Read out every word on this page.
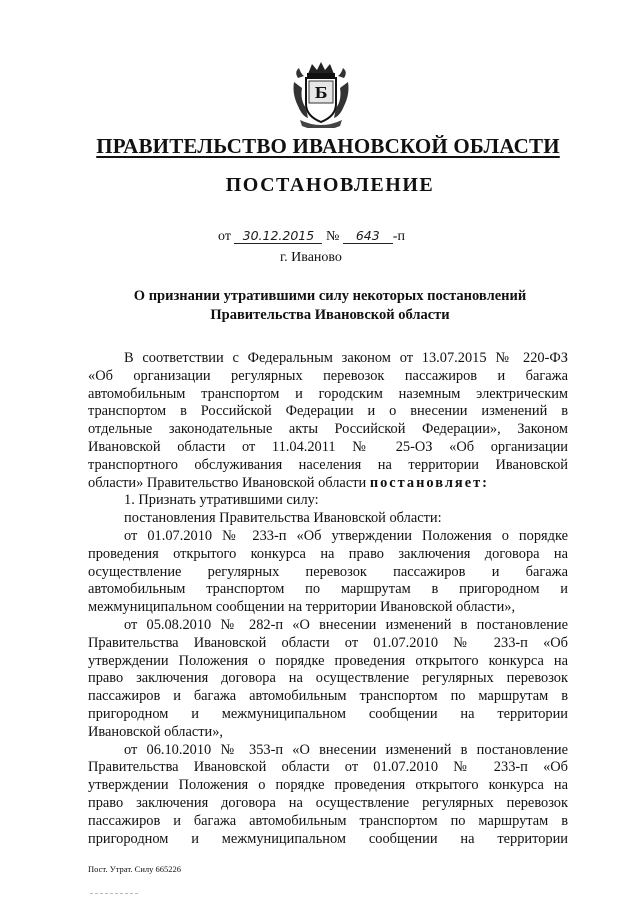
Б
ПРАВИТЕЛЬСТВО ИВАНОВСКОЙ ОБЛАСТИ
ПОСТАНОВЛЕНИЕ
от 30.12.2015 № 643 -п
г. Иваново
О признании утратившими силу некоторых постановлений
Правительства Ивановской области
В соответствии с Федеральным законом от 13.07.2015 № 220-ФЗ
«Об организации регулярных перевозок пассажиров и багажа
автомобильным транспортом и городским наземным электрическим
транспортом в Российской Федерации и о внесении изменений в
отдельные законодательные акты Российской Федерации», Законом
Ивановской области от 11.04.2011 № 25-ОЗ «Об организации
транспортного обслуживания населения на территории Ивановской
области» Правительство Ивановской области постановляет:
1. Признать утратившими силу:
постановления Правительства Ивановской области:
от 01.07.2010 № 233-п «Об утверждении Положения о порядке
проведения открытого конкурса на право заключения договора на
осуществление регулярных перевозок пассажиров и багажа
автомобильным транспортом по маршрутам в пригородном и
межмуниципальном сообщении на территории Ивановской области»,
от 05.08.2010 № 282-п «О внесении изменений в постановление
Правительства Ивановской области от 01.07.2010 № 233-п «Об
утверждении Положения о порядке проведения открытого конкурса на
право заключения договора на осуществление регулярных перевозок
пассажиров и багажа автомобильным транспортом по маршрутам в
пригородном и межмуниципальном сообщении на территории
Ивановской области»,
от 06.10.2010 № 353-п «О внесении изменений в постановление
Правительства Ивановской области от 01.07.2010 № 233-п «Об
утверждении Положения о порядке проведения открытого конкурса на
право заключения договора на осуществление регулярных перевозок
пассажиров и багажа автомобильным транспортом по маршрутам в
пригородном и межмуниципальном сообщении на территории
Пост. Утрат. Силу 665226
